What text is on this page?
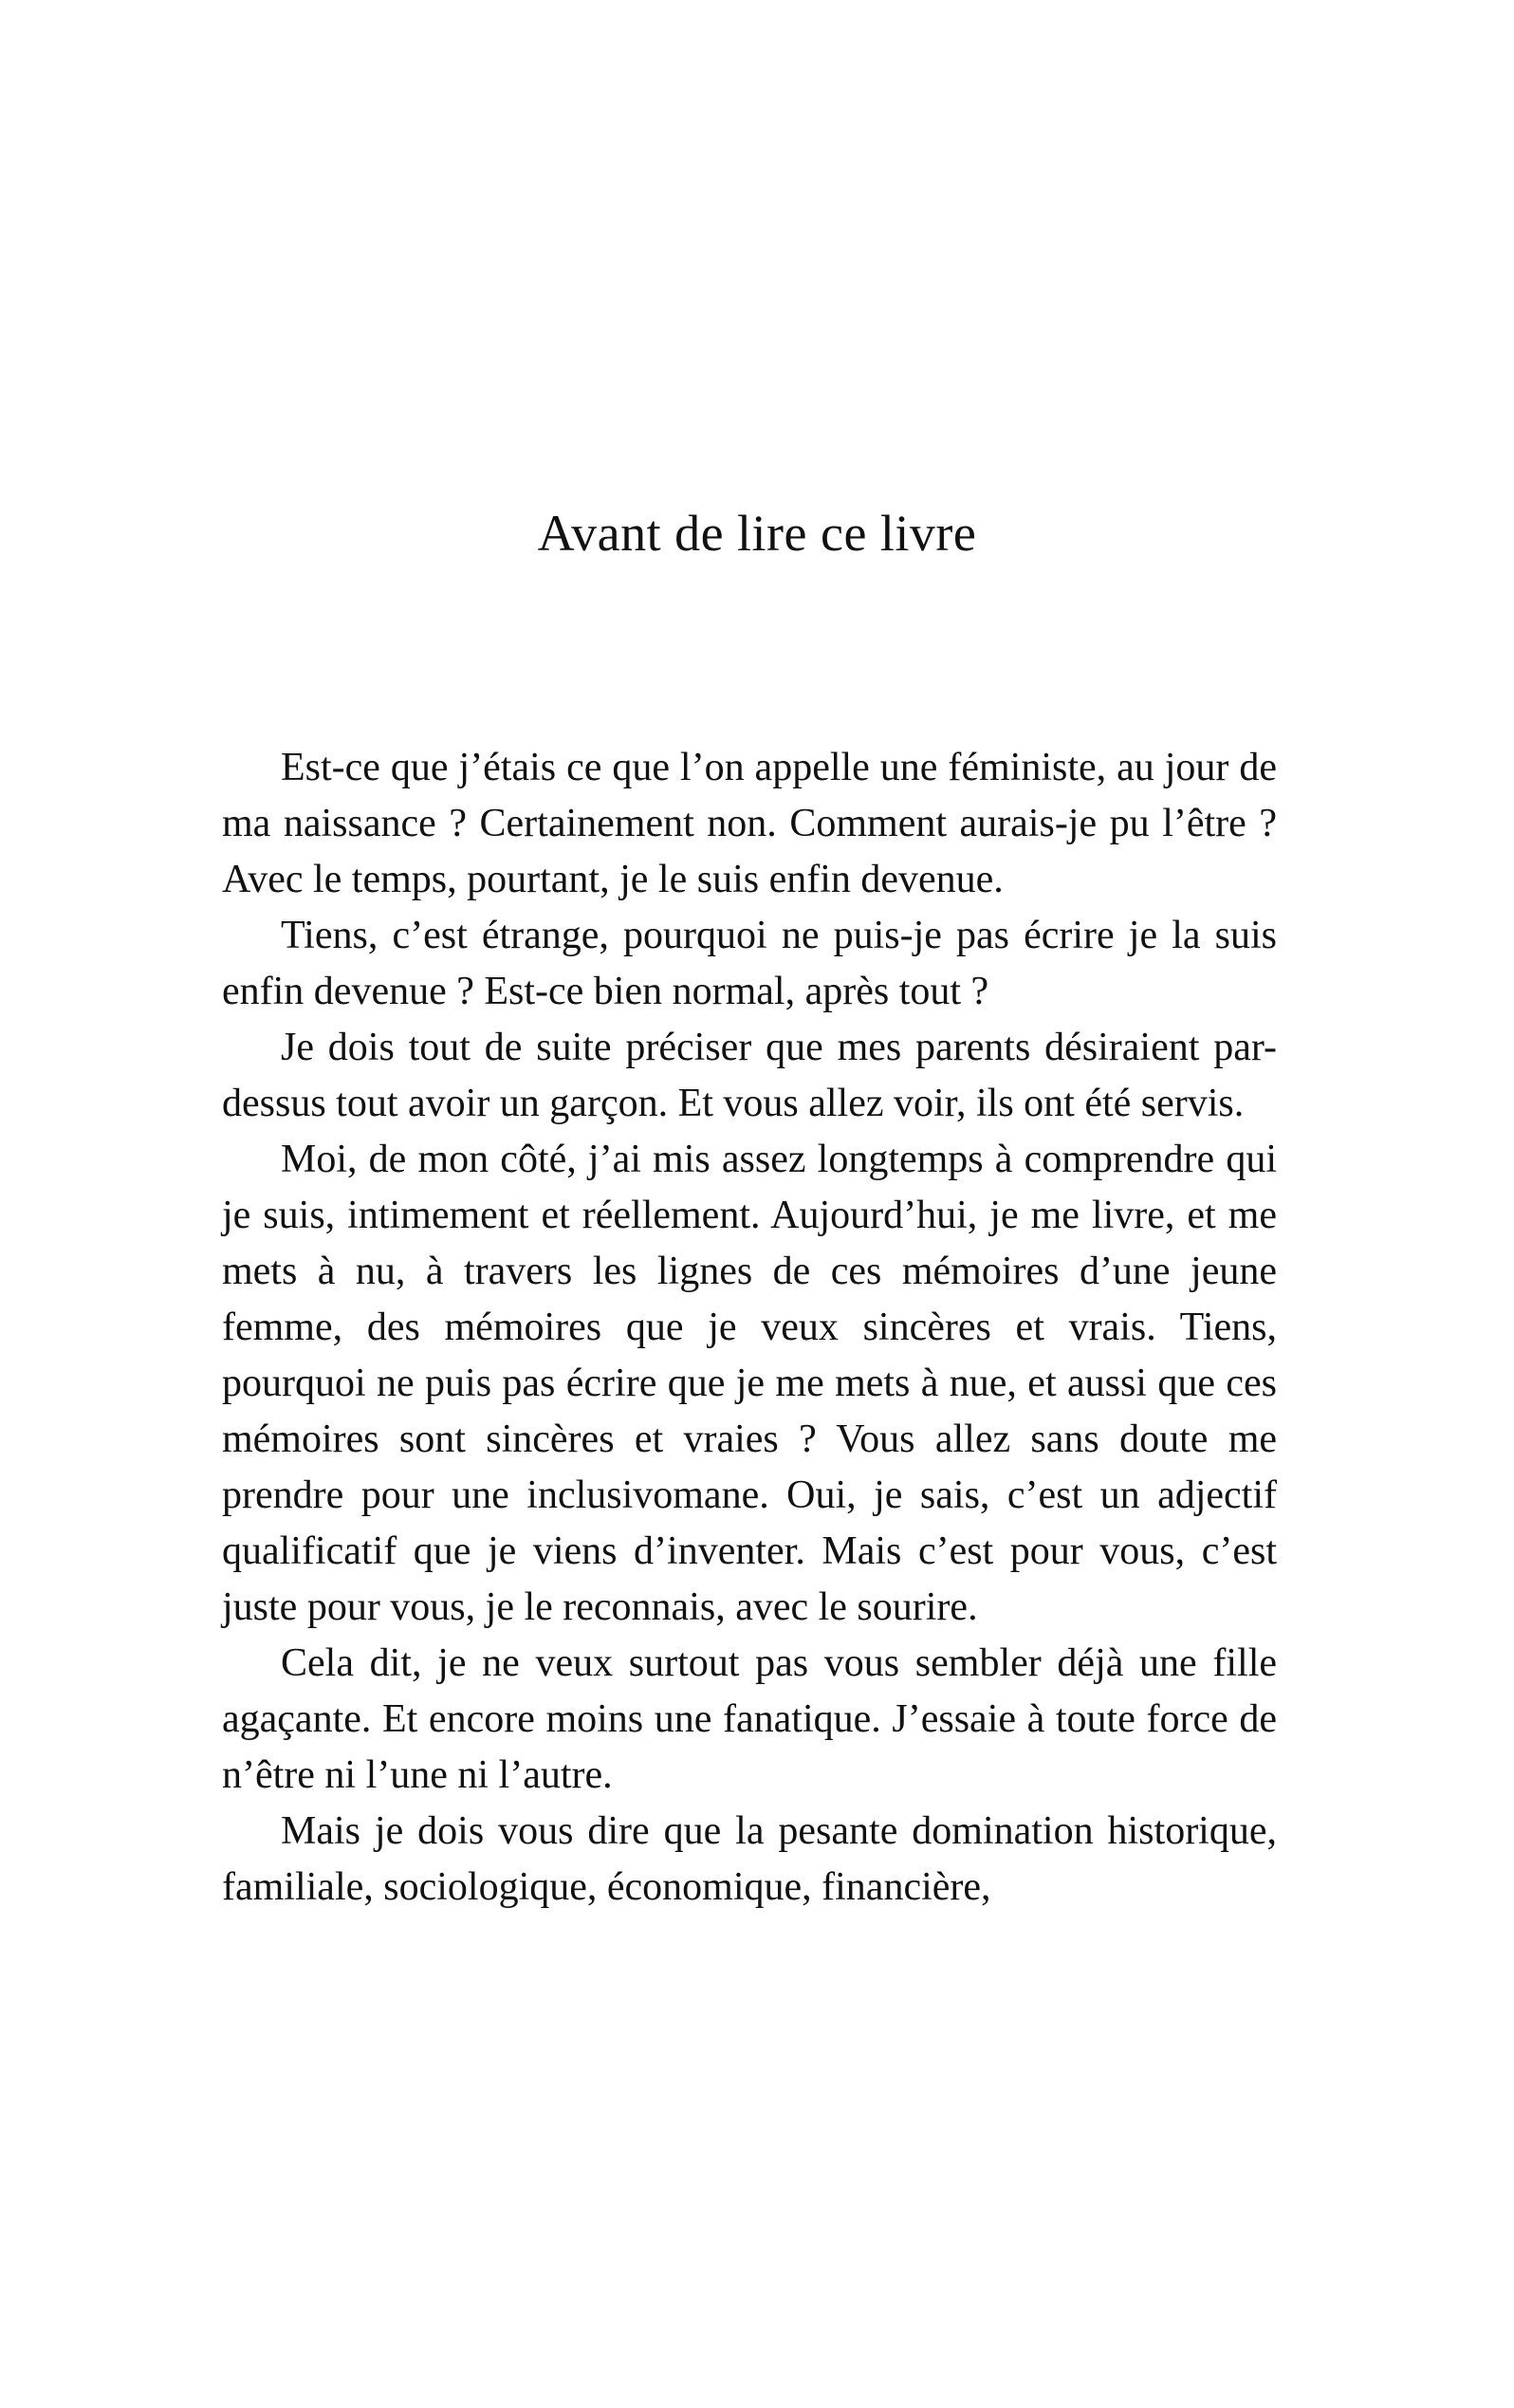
Avant de lire ce livre

Est-ce que j’étais ce que l’on appelle une féministe, au jour de ma naissance ? Certainement non. Comment aurais-je pu l’être ? Avec le temps, pourtant, je le suis enfin devenue.

Tiens, c’est étrange, pourquoi ne puis-je pas écrire je la suis enfin devenue ? Est-ce bien normal, après tout ?

Je dois tout de suite préciser que mes parents désiraient par-dessus tout avoir un garçon. Et vous allez voir, ils ont été servis.

Moi, de mon côté, j’ai mis assez longtemps à comprendre qui je suis, intimement et réellement. Aujourd’hui, je me livre, et me mets à nu, à travers les lignes de ces mémoires d’une jeune femme, des mémoires que je veux sincères et vrais. Tiens, pourquoi ne puis pas écrire que je me mets à nue, et aussi que ces mémoires sont sincères et vraies ? Vous allez sans doute me prendre pour une inclusivomane. Oui, je sais, c’est un adjectif qualificatif que je viens d’inventer. Mais c’est pour vous, c’est juste pour vous, je le reconnais, avec le sourire.

Cela dit, je ne veux surtout pas vous sembler déjà une fille agaçante. Et encore moins une fanatique. J’essaie à toute force de n’être ni l’une ni l’autre.

Mais je dois vous dire que la pesante domination historique, familiale, sociologique, économique, financière,
